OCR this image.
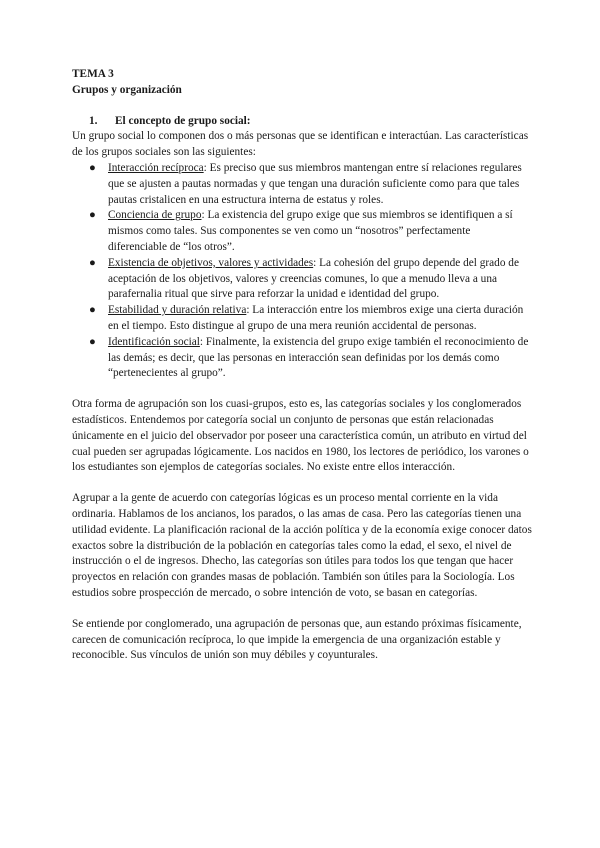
TEMA 3

Grupos y organización

1. El concepto de grupo social:

Un grupo social lo componen dos o más personas que se identifican e interactúan. Las características de los grupos sociales son las siguientes:

● Interacción recíproca: Es preciso que sus miembros mantengan entre sí relaciones regulares que se ajusten a pautas normadas y que tengan una duración suficiente como para que tales pautas cristalicen en una estructura interna de estatus y roles.
● Conciencia de grupo: La existencia del grupo exige que sus miembros se identifiquen a sí mismos como tales. Sus componentes se ven como un “nosotros” perfectamente diferenciable de “los otros”.
● Existencia de objetivos, valores y actividades: La cohesión del grupo depende del grado de aceptación de los objetivos, valores y creencias comunes, lo que a menudo lleva a una parafernalia ritual que sirve para reforzar la unidad e identidad del grupo.
● Estabilidad y duración relativa: La interacción entre los miembros exige una cierta duración en el tiempo. Esto distingue al grupo de una mera reunión accidental de personas.
● Identificación social: Finalmente, la existencia del grupo exige también el reconocimiento de las demás; es decir, que las personas en interacción sean definidas por los demás como “pertenecientes al grupo”.

Otra forma de agrupación son los cuasi-grupos, esto es, las categorías sociales y los conglomerados estadísticos. Entendemos por categoría social un conjunto de personas que están relacionadas únicamente en el juicio del observador por poseer una característica común, un atributo en virtud del cual pueden ser agrupadas lógicamente. Los nacidos en 1980, los lectores de periódico, los varones o los estudiantes son ejemplos de categorías sociales. No existe entre ellos interacción.

Agrupar a la gente de acuerdo con categorías lógicas es un proceso mental corriente en la vida ordinaria. Hablamos de los ancianos, los parados, o las amas de casa. Pero las categorías tienen una utilidad evidente. La planificación racional de la acción política y de la economía exige conocer datos exactos sobre la distribución de la población en categorías tales como la edad, el sexo, el nivel de instrucción o el de ingresos. Dhecho, las categorías son útiles para todos los que tengan que hacer proyectos en relación con grandes masas de población. También son útiles para la Sociología. Los estudios sobre prospección de mercado, o sobre intención de voto, se basan en categorías.

Se entiende por conglomerado, una agrupación de personas que, aun estando próximas físicamente, carecen de comunicación recíproca, lo que impide la emergencia de una organización estable y reconocible. Sus vínculos de unión son muy débiles y coyunturales.
